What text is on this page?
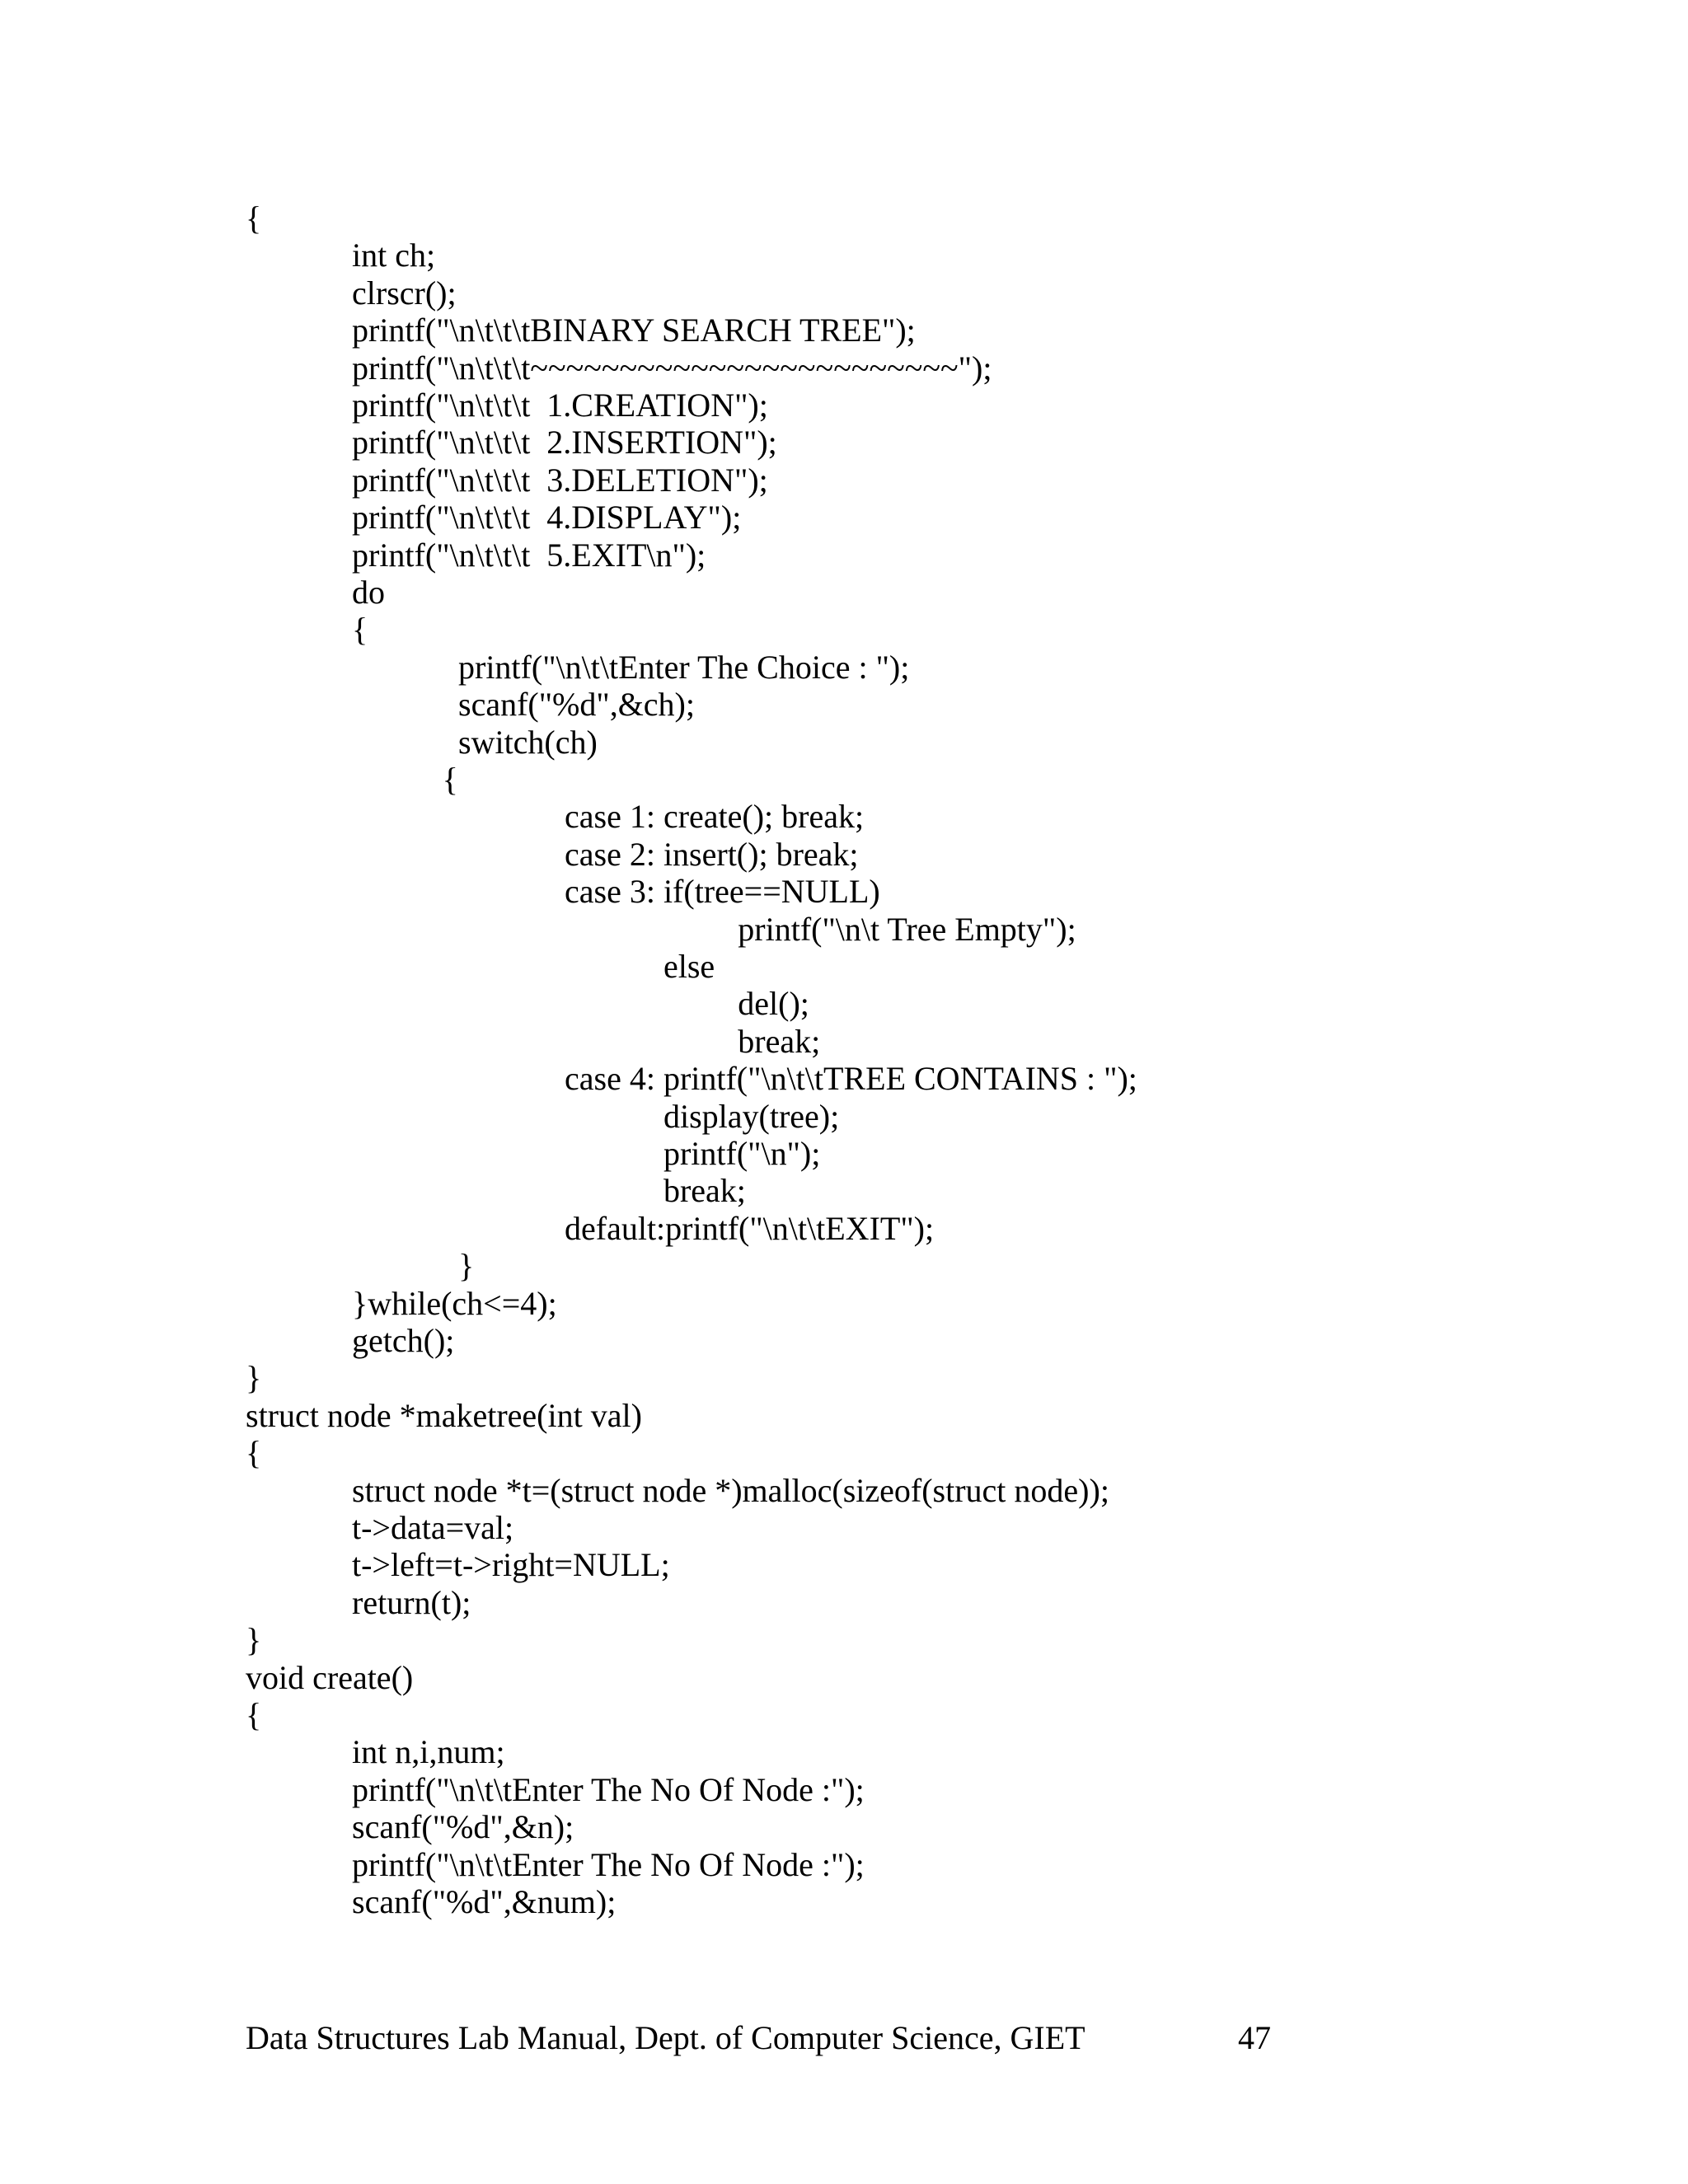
{
int ch;
clrscr();
printf("\n\t\t\tBINARY SEARCH TREE");
printf("\n\t\t\t~~~~~~~~~~~~~~~~~~~~~~~~");
printf("\n\t\t\t  1.CREATION");
printf("\n\t\t\t  2.INSERTION");
printf("\n\t\t\t  3.DELETION");
printf("\n\t\t\t  4.DISPLAY");
printf("\n\t\t\t  5.EXIT\n");
do
{
printf("\n\t\tEnter The Choice : ");
scanf("%d",&ch);
switch(ch)
{
case 1: create(); break;
case 2: insert(); break;
case 3: if(tree==NULL)
printf("\n\t Tree Empty");
else
del();
break;
case 4: printf("\n\t\tTREE CONTAINS : ");
display(tree);
printf("\n");
break;
default:printf("\n\t\tEXIT");
}
}while(ch<=4);
getch();
}
struct node *maketree(int val)
{
struct node *t=(struct node *)malloc(sizeof(struct node));
t->data=val;
t->left=t->right=NULL;
return(t);
}
void create()
{
int n,i,num;
printf("\n\t\tEnter The No Of Node :");
scanf("%d",&n);
printf("\n\t\tEnter The No Of Node :");
scanf("%d",&num);
Data Structures Lab Manual, Dept. of Computer Science, GIET	47
